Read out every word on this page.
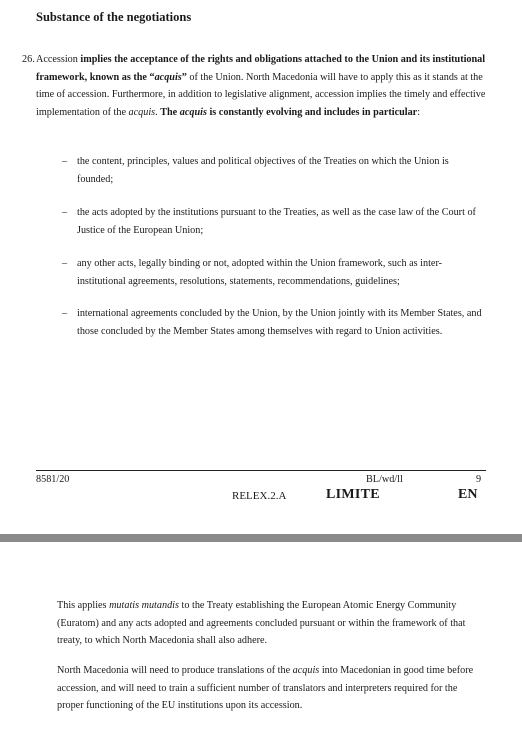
Substance of the negotiations
26. Accession implies the acceptance of the rights and obligations attached to the Union and its institutional framework, known as the “acquis” of the Union. North Macedonia will have to apply this as it stands at the time of accession. Furthermore, in addition to legislative alignment, accession implies the timely and effective implementation of the acquis. The acquis is constantly evolving and includes in particular:
– the content, principles, values and political objectives of the Treaties on which the Union is founded;
– the acts adopted by the institutions pursuant to the Treaties, as well as the case law of the Court of Justice of the European Union;
– any other acts, legally binding or not, adopted within the Union framework, such as inter-institutional agreements, resolutions, statements, recommendations, guidelines;
– international agreements concluded by the Union, by the Union jointly with its Member States, and those concluded by the Member States among themselves with regard to Union activities.
8581/20	BL/wd/ll	9
RELEX.2.A	LIMITE	EN
This applies mutatis mutandis to the Treaty establishing the European Atomic Energy Community (Euratom) and any acts adopted and agreements concluded pursuant or within the framework of that treaty, to which North Macedonia shall also adhere.
North Macedonia will need to produce translations of the acquis into Macedonian in good time before accession, and will need to train a sufficient number of translators and interpreters required for the proper functioning of the EU institutions upon its accession.
